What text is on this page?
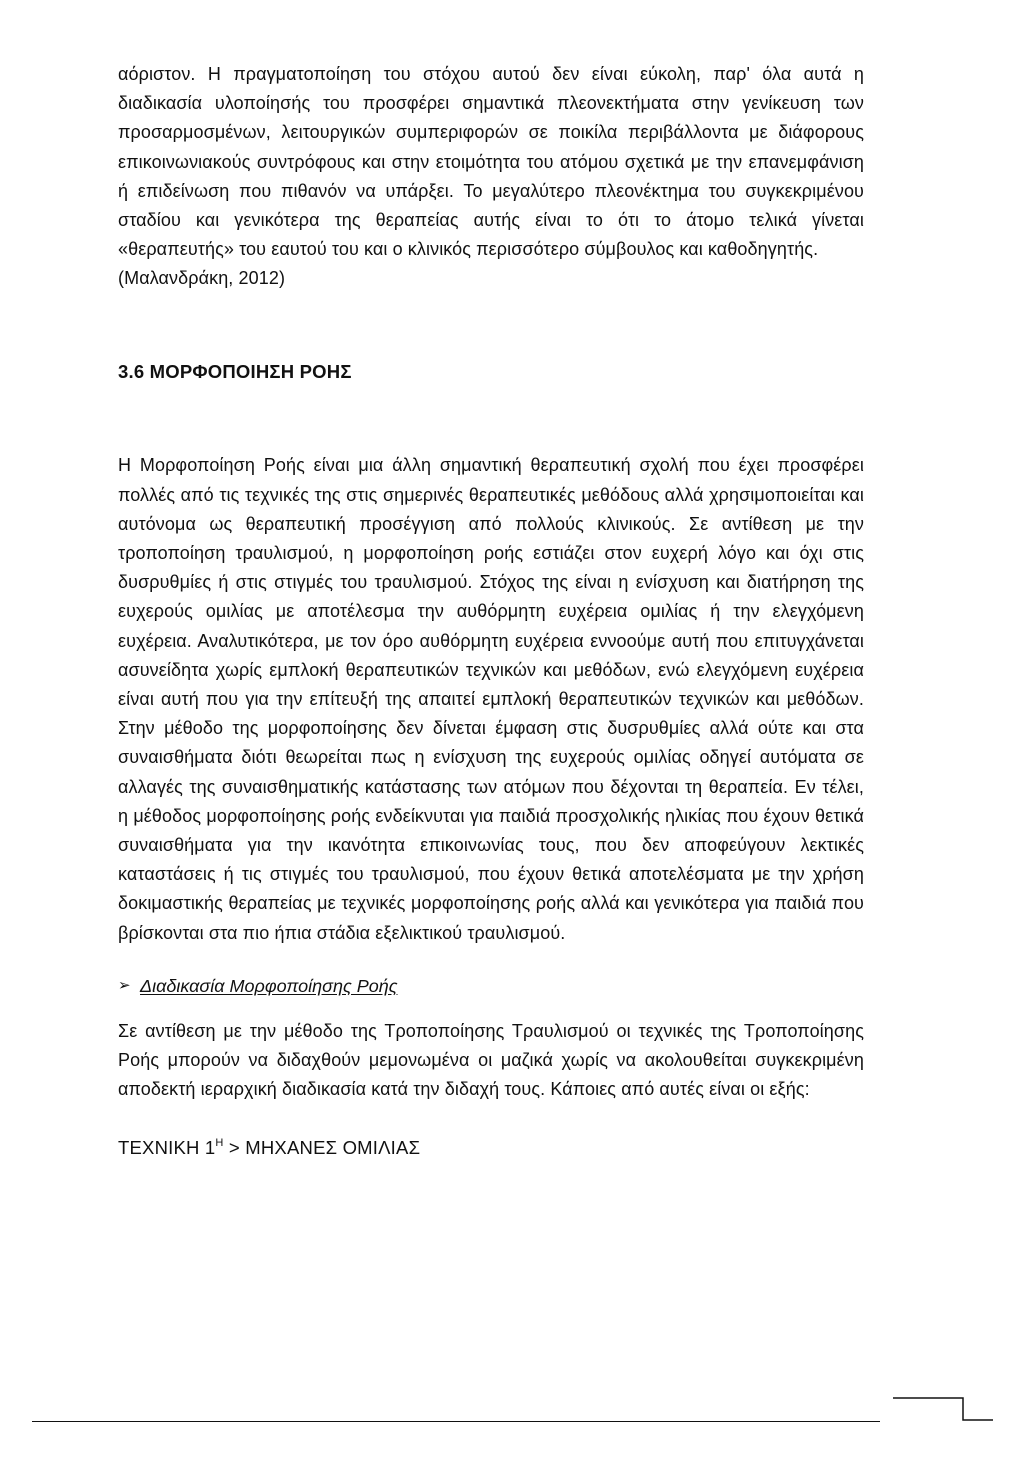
αόριστον. Η πραγματοποίηση του στόχου αυτού δεν είναι εύκολη, παρ' όλα αυτά η διαδικασία υλοποίησής του προσφέρει σημαντικά πλεονεκτήματα στην γενίκευση των προσαρμοσμένων, λειτουργικών συμπεριφορών σε ποικίλα περιβάλλοντα με διάφορους επικοινωνιακούς συντρόφους και στην ετοιμότητα του ατόμου σχετικά με την επανεμφάνιση ή επιδείνωση που πιθανόν να υπάρξει. Το μεγαλύτερο πλεονέκτημα του συγκεκριμένου σταδίου και γενικότερα της θεραπείας αυτής είναι το ότι το άτομο τελικά γίνεται «θεραπευτής» του εαυτού του και ο κλινικός περισσότερο σύμβουλος και καθοδηγητής.

(Μαλανδράκη, 2012)

3.6 ΜΟΡΦΟΠΟΙΗΣΗ ΡΟΗΣ

Η Μορφοποίηση Ροής είναι μια άλλη σημαντική θεραπευτική σχολή που έχει προσφέρει πολλές από τις τεχνικές της στις σημερινές θεραπευτικές μεθόδους αλλά χρησιμοποιείται και αυτόνομα ως θεραπευτική προσέγγιση από πολλούς κλινικούς. Σε αντίθεση με την τροποποίηση τραυλισμού, η μορφοποίηση ροής εστιάζει στον ευχερή λόγο και όχι στις δυσρυθμίες ή στις στιγμές του τραυλισμού. Στόχος της είναι η ενίσχυση και διατήρηση της ευχερούς ομιλίας με αποτέλεσμα την αυθόρμητη ευχέρεια ομιλίας ή την ελεγχόμενη ευχέρεια. Αναλυτικότερα, με τον όρο αυθόρμητη ευχέρεια εννοούμε αυτή που επιτυγχάνεται ασυνείδητα χωρίς εμπλοκή θεραπευτικών τεχνικών και μεθόδων, ενώ ελεγχόμενη ευχέρεια είναι αυτή που για την επίτευξή της απαιτεί εμπλοκή θεραπευτικών τεχνικών και μεθόδων. Στην μέθοδο της μορφοποίησης δεν δίνεται έμφαση στις δυσρυθμίες αλλά ούτε και στα συναισθήματα διότι θεωρείται πως η ενίσχυση της ευχερούς ομιλίας οδηγεί αυτόματα σε αλλαγές της συναισθηματικής κατάστασης των ατόμων που δέχονται τη θεραπεία. Εν τέλει, η μέθοδος μορφοποίησης ροής ενδείκνυται για παιδιά προσχολικής ηλικίας που έχουν θετικά συναισθήματα για την ικανότητα επικοινωνίας τους, που δεν αποφεύγουν λεκτικές καταστάσεις ή τις στιγμές του τραυλισμού, που έχουν θετικά αποτελέσματα με την χρήση δοκιμαστικής θεραπείας με τεχνικές μορφοποίησης ροής αλλά και γενικότερα για παιδιά που βρίσκονται στα πιο ήπια στάδια εξελικτικού τραυλισμού.

➢ Διαδικασία Μορφοποίησης Ροής

Σε αντίθεση με την μέθοδο της Τροποποίησης Τραυλισμού οι τεχνικές της Τροποποίησης Ροής μπορούν να διδαχθούν μεμονωμένα οι μαζικά χωρίς να ακολουθείται συγκεκριμένη αποδεκτή ιεραρχική διαδικασία κατά την διδαχή τους. Κάποιες από αυτές είναι οι εξής:

ΤΕΧΝΙΚΗ $1^H > MHXANE\Sigma$ ΟΜΙΛΙΑΣ
